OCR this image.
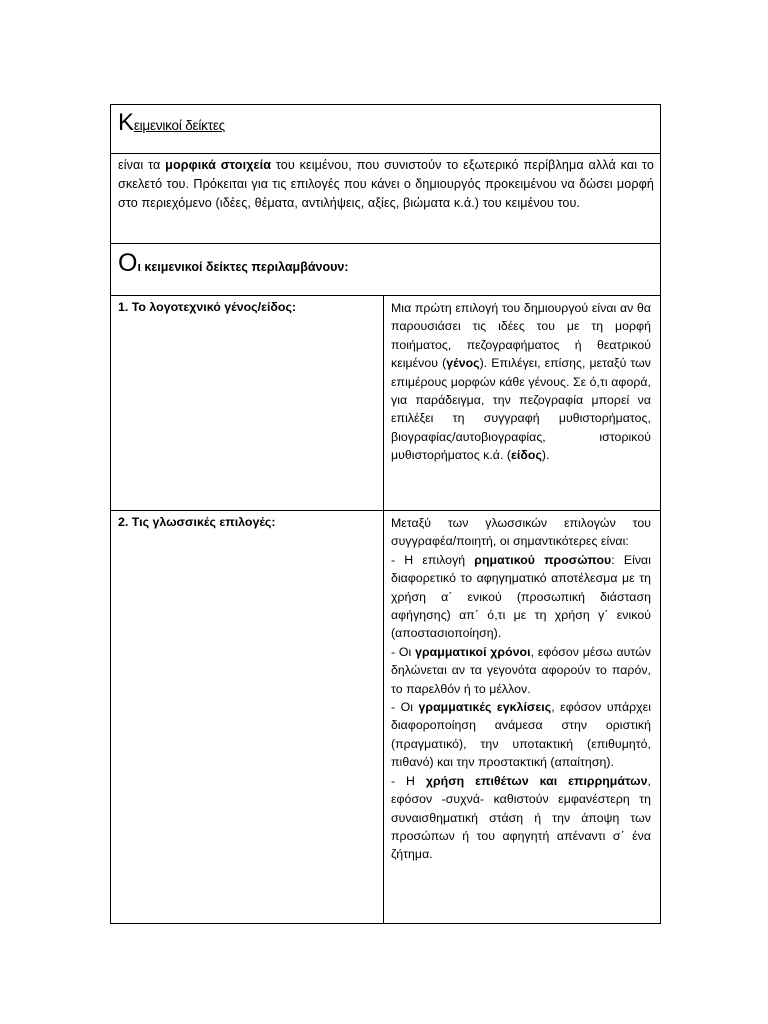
Κειμενικοί δείκτες	

είναι τα μορφικά στοιχεία του κειμένου, που συνιστούν το εξωτερικό περίβλημα αλλά και το σκελετό του. Πρόκειται για τις επιλογές που κάνει ο δημιουργός προκειμένου να δώσει μορφή στο περιεχόμενο (ιδέες, θέματα, αντιλήψεις, αξίες, βιώματα κ.ά.) του κειμένου του.	

Οι κειμενικοί δείκτες περιλαμβάνουν:	

1. Το λογοτεχνικό γένος/είδος:	Μια πρώτη επιλογή του δημιουργού είναι αν θα παρουσιάσει τις ιδέες του με τη μορφή ποιήματος, πεζογραφήματος ή θεατρικού κειμένου (γένος). Επιλέγει, επίσης, μεταξύ των επιμέρους μορφών κάθε γένους. Σε ό,τι αφορά, για παράδειγμα, την πεζογραφία μπορεί να επιλέξει τη συγγραφή μυθιστορήματος, βιογραφίας/αυτοβιογραφίας, ιστορικού μυθιστορήματος κ.ά. (είδος).

2. Τις γλωσσικές επιλογές:	Μεταξύ των γλωσσικών επιλογών του συγγραφέα/ποιητή, οι σημαντικότερες είναι:

- Η επιλογή ρηματικού προσώπου: Είναι διαφορετικό το αφηγηματικό αποτέλεσμα με τη χρήση α΄ ενικού (προσωπική διάσταση αφήγησης) απ΄ ό,τι με τη χρήση γ΄ ενικού (αποστασιοποίηση).

- Οι γραμματικοί χρόνοι, εφόσον μέσω αυτών δηλώνεται αν τα γεγονότα αφορούν το παρόν, το παρελθόν ή το μέλλον.

- Οι γραμματικές εγκλίσεις, εφόσον υπάρχει διαφοροποίηση ανάμεσα στην οριστική (πραγματικό), την υποτακτική (επιθυμητό, πιθανό) και την προστακτική (απαίτηση).

- Η χρήση επιθέτων και επιρρημάτων, εφόσον -συχνά- καθιστούν εμφανέστερη τη συναισθηματική στάση ή την άποψη των προσώπων ή του αφηγητή απέναντι σ΄ ένα ζήτημα.
